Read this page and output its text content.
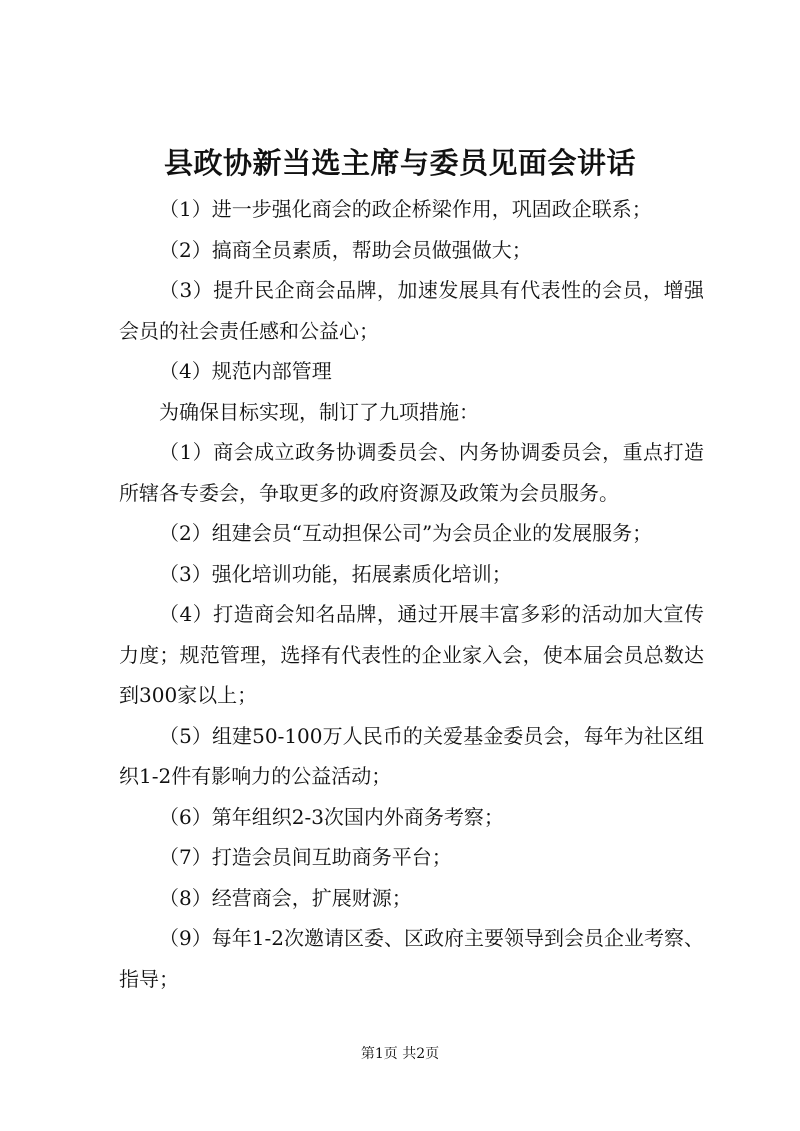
县政协新当选主席与委员见面会讲话

（1）进一步强化商会的政企桥梁作用，巩固政企联系；

（2）搞商全员素质，帮助会员做强做大；

（3）提升民企商会品牌，加速发展具有代表性的会员，增强会员的社会责任感和公益心；

（4）规范内部管理

为确保目标实现，制订了九项措施：

（1）商会成立政务协调委员会、内务协调委员会，重点打造所辖各专委会，争取更多的政府资源及政策为会员服务。

（2）组建会员“互动担保公司”为会员企业的发展服务；

（3）强化培训功能，拓展素质化培训；

（4）打造商会知名品牌，通过开展丰富多彩的活动加大宣传力度；规范管理，选择有代表性的企业家入会，使本届会员总数达到300家以上；

（5）组建50-100万人民币的关爱基金委员会，每年为社区组织1-2件有影响力的公益活动；

（6）第年组织2-3次国内外商务考察；

（7）打造会员间互助商务平台；

（8）经营商会，扩展财源；

（9）每年1-2次邀请区委、区政府主要领导到会员企业考察、指导；

第1页 共2页
